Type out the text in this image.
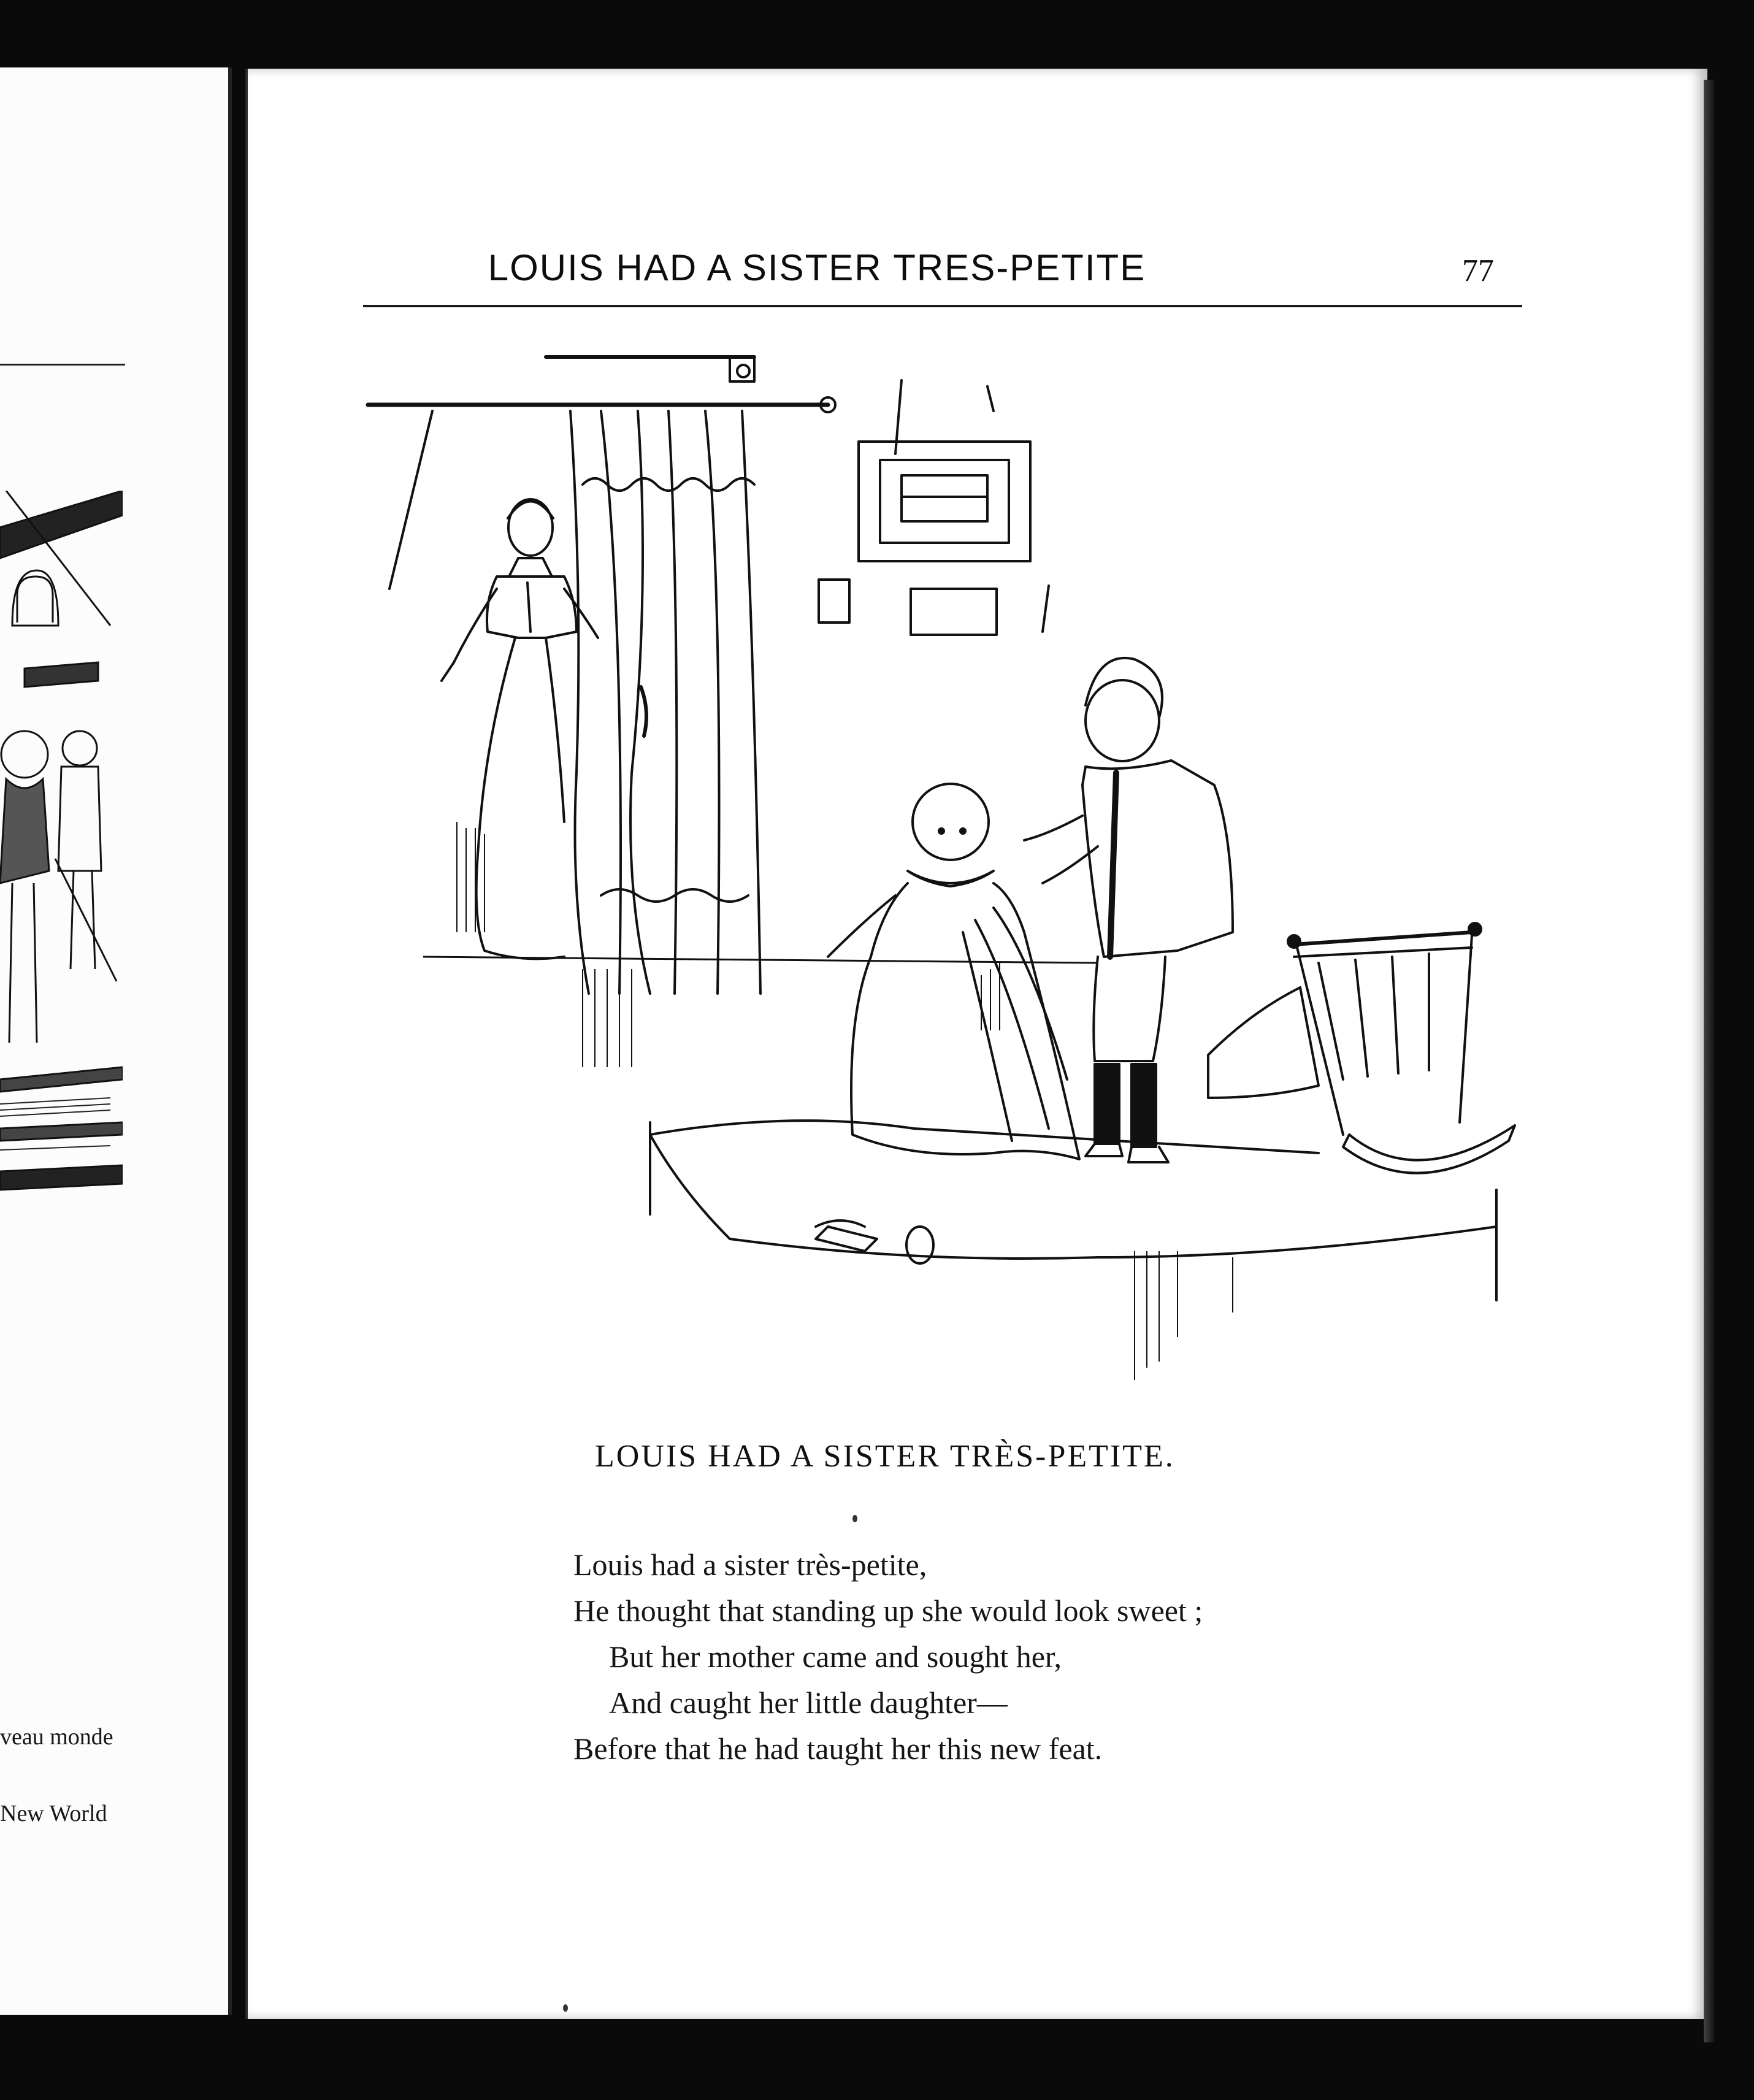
veau monde
New World
LOUIS HAD A SISTER TRES-PETITE	77
LOUIS HAD A SISTER TRÈS-PETITE.
Louis had a sister très-petite,
He thought that standing up she would look sweet ;
But her mother came and sought her,
And caught her little daughter—
Before that he had taught her this new feat.
